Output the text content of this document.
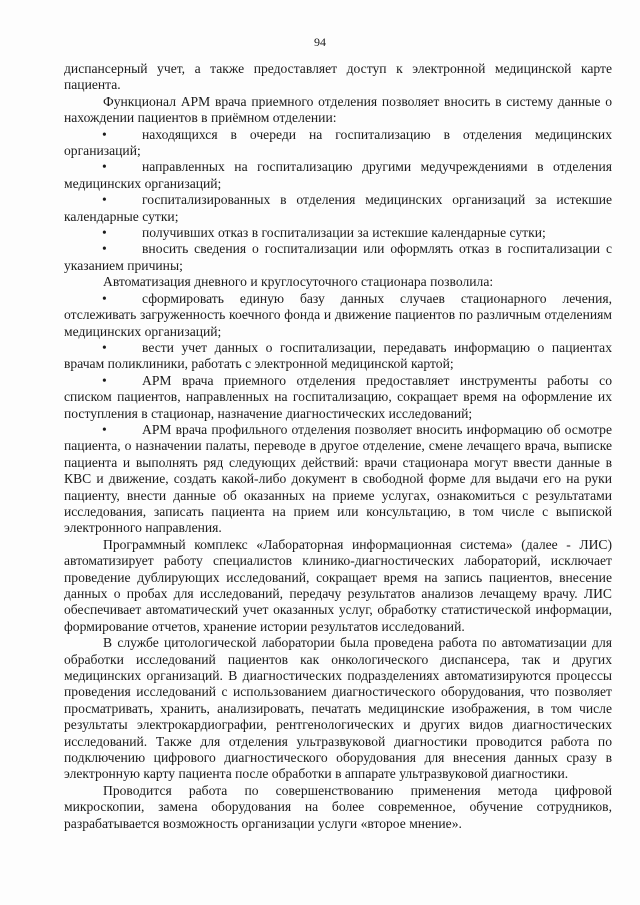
94

диспансерный учет, а также предоставляет доступ к электронной медицинской карте пациента.

Функционал АРМ врача приемного отделения позволяет вносить в систему данные о нахождении пациентов в приёмном отделении:

•	находящихся в очереди на госпитализацию в отделения медицинских организаций;

•	направленных на госпитализацию другими медучреждениями в отделения медицинских организаций;

•	госпитализированных в отделения медицинских организаций за истекшие календарные сутки;

•	получивших отказ в госпитализации за истекшие календарные сутки;

•	вносить сведения о госпитализации или оформлять отказ в госпитализации с указанием причины;

Автоматизация дневного и круглосуточного стационара позволила:

•	сформировать единую базу данных случаев стационарного лечения, отслеживать загруженность коечного фонда и движение пациентов по различным отделениям медицинских организаций;

•	вести учет данных о госпитализации, передавать информацию о пациентах врачам поликлиники, работать с электронной медицинской картой;

•	АРМ врача приемного отделения предоставляет инструменты работы со списком пациентов, направленных на госпитализацию, сокращает время на оформление их поступления в стационар, назначение диагностических исследований;

•	АРМ врача профильного отделения позволяет вносить информацию об осмотре пациента, о назначении палаты, переводе в другое отделение, смене лечащего врача, выписке пациента и выполнять ряд следующих действий: врачи стационара могут ввести данные в КВС и движение, создать какой-либо документ в свободной форме для выдачи его на руки пациенту, внести данные об оказанных на приеме услугах, ознакомиться с результатами исследования, записать пациента на прием или консультацию, в том числе с выпиской электронного направления.

Программный комплекс «Лабораторная информационная система» (далее - ЛИС) автоматизирует работу специалистов клинико-диагностических лабораторий, исключает проведение дублирующих исследований, сокращает время на запись пациентов, внесение данных о пробах для исследований, передачу результатов анализов лечащему врачу. ЛИС обеспечивает автоматический учет оказанных услуг, обработку статистической информации, формирование отчетов, хранение истории результатов исследований.

В службе цитологической лаборатории была проведена работа по автоматизации для обработки исследований пациентов как онкологического диспансера, так и других медицинских организаций. В диагностических подразделениях автоматизируются процессы проведения исследований с использованием диагностического оборудования, что позволяет просматривать, хранить, анализировать, печатать медицинские изображения, в том числе результаты электрокардиографии, рентгенологических и других видов диагностических исследований. Также для отделения ультразвуковой диагностики проводится работа по подключению цифрового диагностического оборудования для внесения данных сразу в электронную карту пациента после обработки в аппарате ультразвуковой диагностики.

Проводится работа по совершенствованию применения метода цифровой микроскопии, замена оборудования на более современное, обучение сотрудников, разрабатывается возможность организации услуги «второе мнение».
